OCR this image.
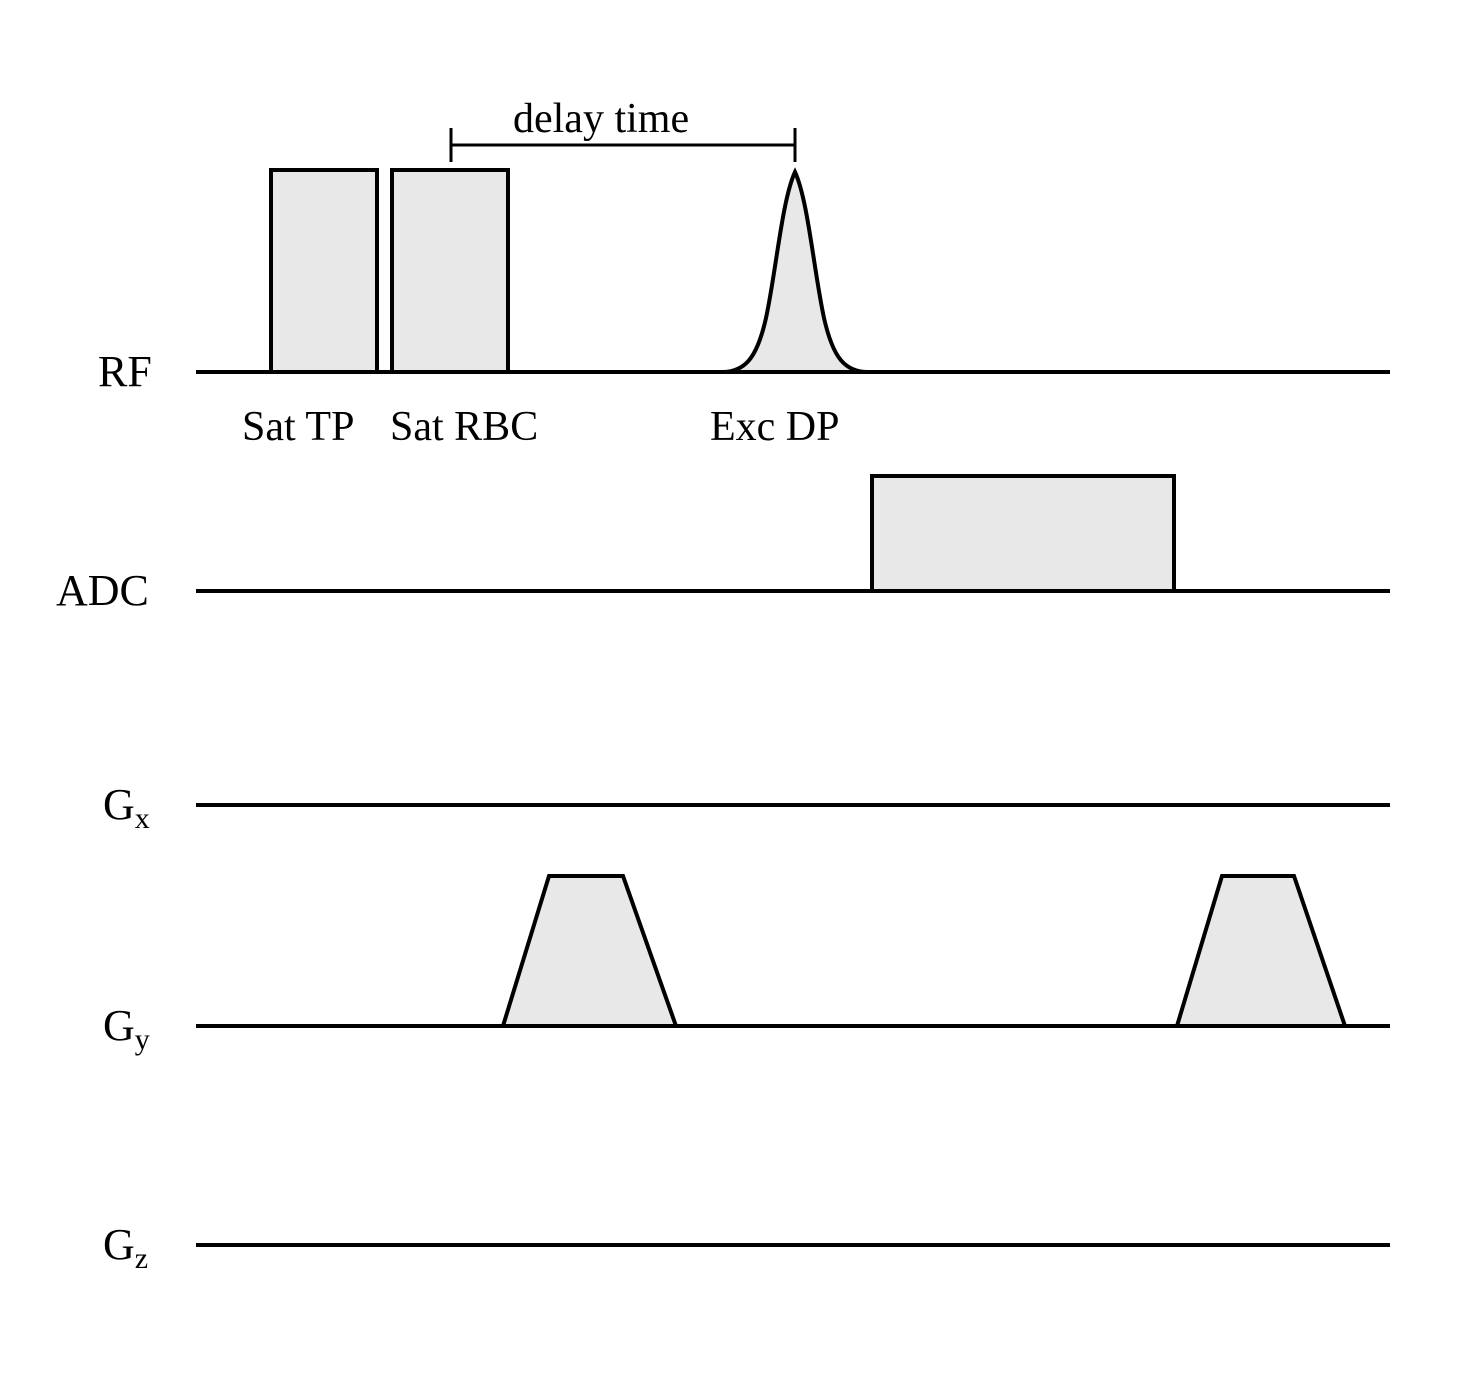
RF
ADC
$G_x$
$G_y$
$G_z$
Sat TP Sat RBC	Exc DP
delay time
